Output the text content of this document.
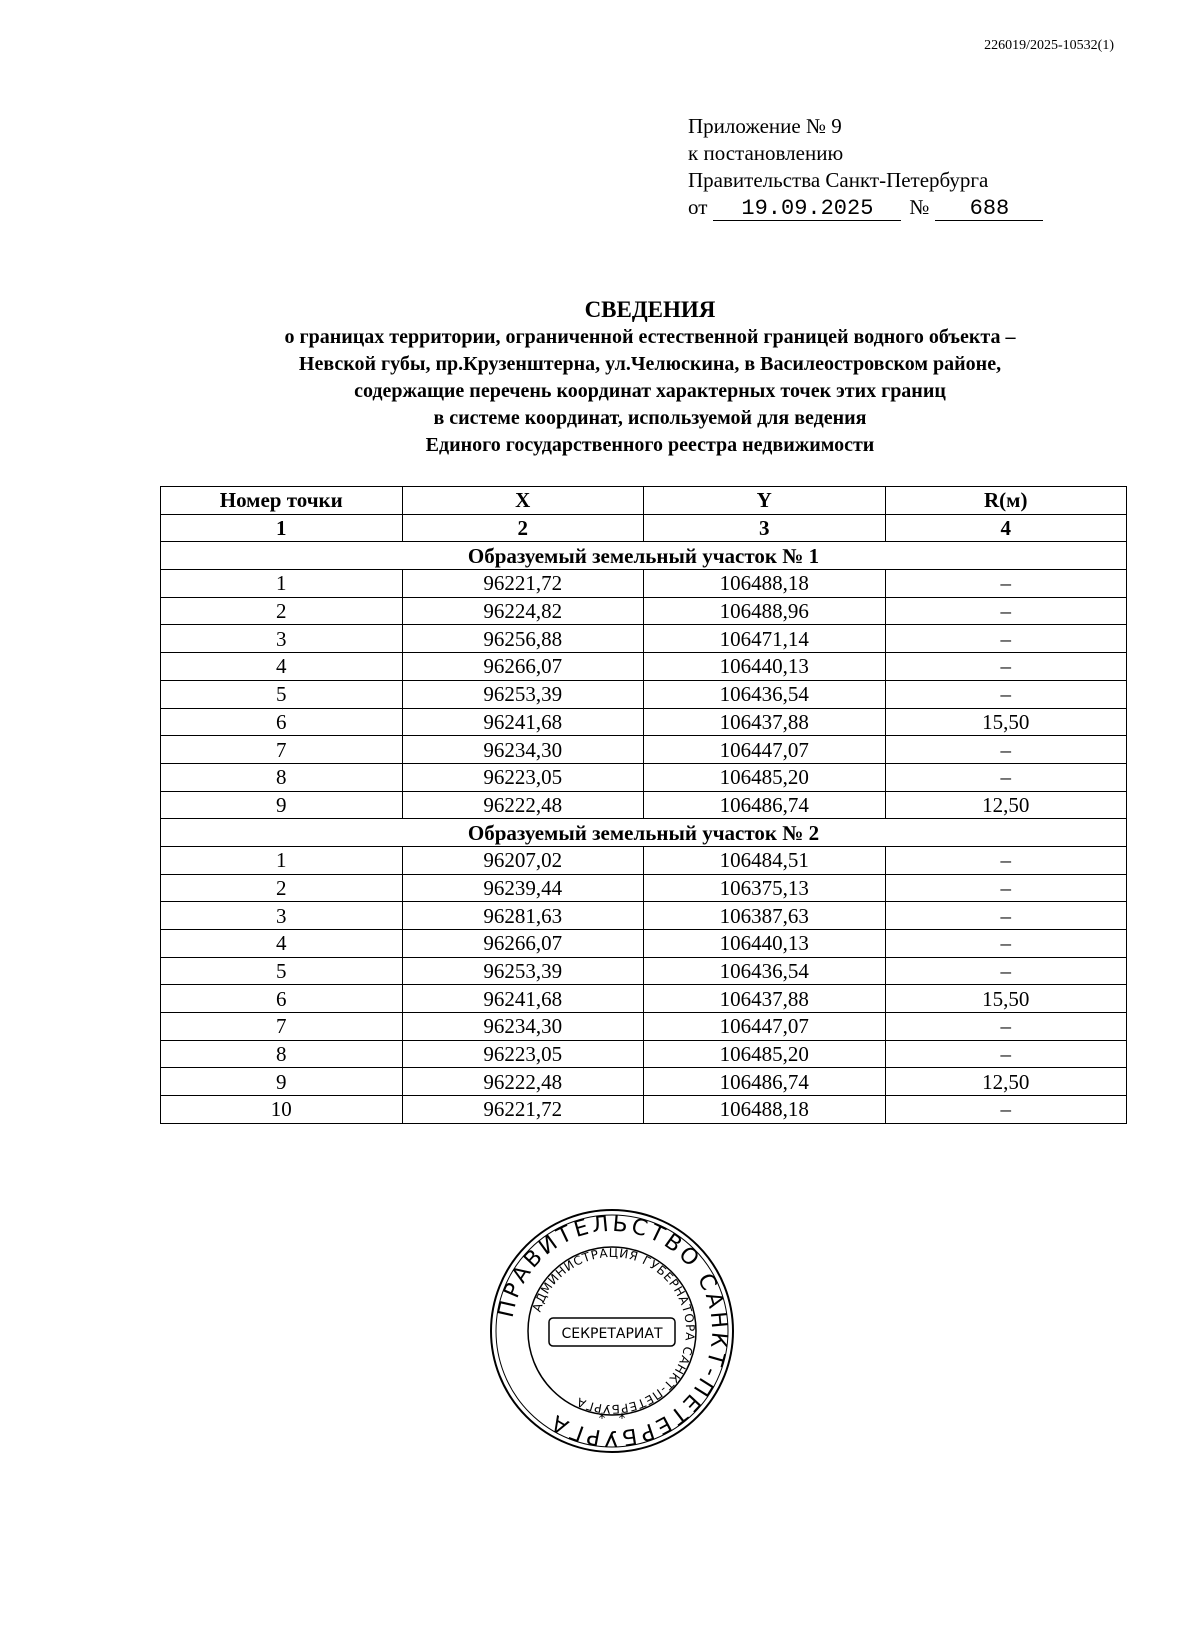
226019/2025-10532(1)
Приложение № 9
к постановлению
Правительства Санкт-Петербурга
от 19.09.2025 № 688
СВЕДЕНИЯ
о границах территории, ограниченной естественной границей водного объекта –
Невской губы, пр.Крузенштерна, ул.Челюскина, в Василеостровском районе,
содержащие перечень координат характерных точек этих границ
в системе координат, используемой для ведения
Единого государственного реестра недвижимости
Номер точки	X	Y	R(м)
1	2	3	4
Образуемый земельный участок № 1			
1	96221,72	106488,18	–
2	96224,82	106488,96	–
3	96256,88	106471,14	–
4	96266,07	106440,13	–
5	96253,39	106436,54	–
6	96241,68	106437,88	15,50
7	96234,30	106447,07	–
8	96223,05	106485,20	–
9	96222,48	106486,74	12,50
Образуемый земельный участок № 2			
1	96207,02	106484,51	–
2	96239,44	106375,13	–
3	96281,63	106387,63	–
4	96266,07	106440,13	–
5	96253,39	106436,54	–
6	96241,68	106437,88	15,50
7	96234,30	106447,07	–
8	96223,05	106485,20	–
9	96222,48	106486,74	12,50
10	96221,72	106488,18	–
ПРАВИТЕЛЬСТВО САНКТ-ПЕТЕРБУРГА
АДМИНИСТРАЦИЯ ГУБЕРНАТОРА САНКТ-ПЕТЕРБУРГА
СЕКРЕТАРИАТ
* *
